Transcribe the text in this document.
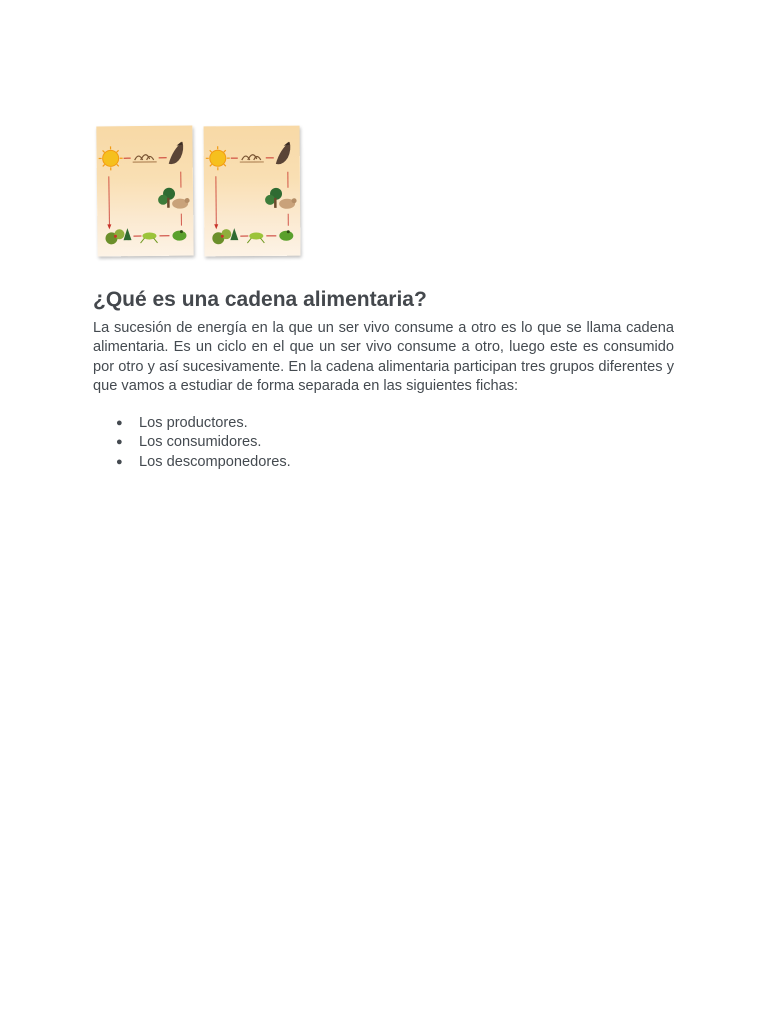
¿Qué es una cadena alimentaria?

La sucesión de energía en la que un ser vivo consume a otro es lo que se llama cadena alimentaria. Es un ciclo en el que un ser vivo consume a otro, luego este es consumido por otro y así sucesivamente. En la cadena alimentaria participan tres grupos diferentes y que vamos a estudiar de forma separada en las siguientes fichas:

● Los productores.
● Los consumidores.
● Los descomponedores.
